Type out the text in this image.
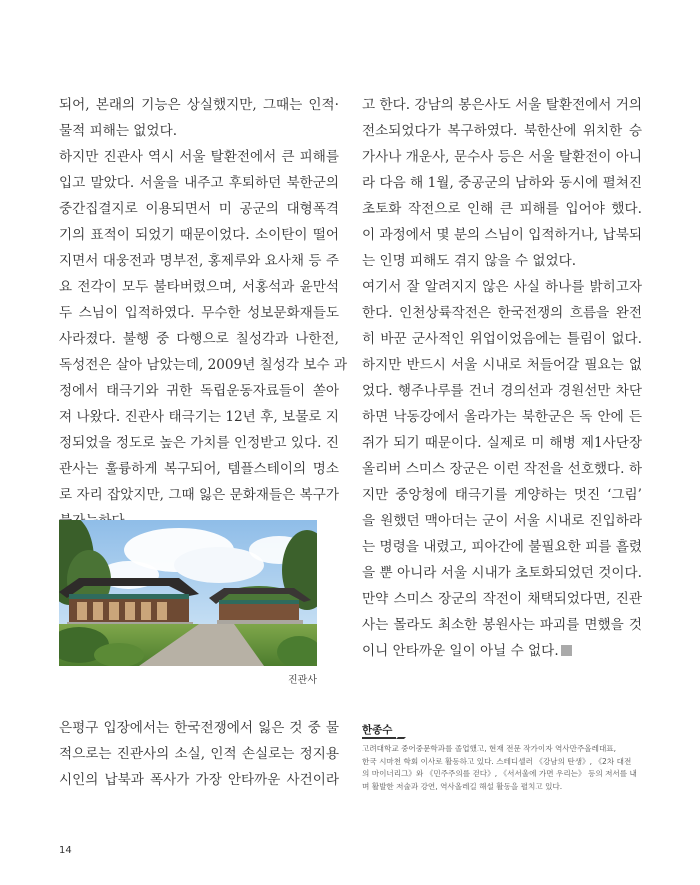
되어, 본래의 기능은 상실했지만, 그때는 인적·

물적 피해는 없었다.

하지만 진관사 역시 서울 탈환전에서 큰 피해를

입고 말았다. 서울을 내주고 후퇴하던 북한군의

중간집결지로 이용되면서 미 공군의 대형폭격

기의 표적이 되었기 때문이었다. 소이탄이 떨어

지면서 대웅전과 명부전, 홍제루와 요사채 등 주

요 전각이 모두 불타버렸으며, 서홍석과 윤만석

두 스님이 입적하였다. 무수한 성보문화재들도

사라졌다. 불행 중 다행으로 칠성각과 나한전,

독성전은 살아 남았는데, 2009년 칠성각 보수 과

정에서 태극기와 귀한 독립운동자료들이 쏟아

져 나왔다. 진관사 태극기는 12년 후, 보물로 지

정되었을 정도로 높은 가치를 인정받고 있다. 진

관사는 훌륭하게 복구되어, 템플스테이의 명소

로 자리 잡았지만, 그때 잃은 문화재들은 복구가

진관사

은평구 입장에서는 한국전쟁에서 잃은 것 중 물

적으로는 진관사의 소실, 인적 손실로는 정지용

시인의 납북과 폭사가 가장 안타까운 사건이라

고 한다. 강남의 봉은사도 서울 탈환전에서 거의

전소되었다가 복구하였다. 북한산에 위치한 승

가사나 개운사, 문수사 등은 서울 탈환전이 아니

라 다음 해 1월, 중공군의 남하와 동시에 펼쳐진

초토화 작전으로 인해 큰 피해를 입어야 했다.

이 과정에서 몇 분의 스님이 입적하거나, 납북되

는 인명 피해도 겪지 않을 수 없었다.

여기서 잘 알려지지 않은 사실 하나를 밝히고자

한다. 인천상륙작전은 한국전쟁의 흐름을 완전

히 바꾼 군사적인 위업이었음에는 틀림이 없다.

하지만 반드시 서울 시내로 처들어갈 필요는 없

었다. 행주나루를 건너 경의선과 경원선만 차단

하면 낙동강에서 올라가는 북한군은 독 안에 든

쥐가 되기 때문이다. 실제로 미 해병 제1사단장

올리버 스미스 장군은 이런 작전을 선호했다. 하

지만 중앙청에 태극기를 게양하는 멋진 ‘그림’

을 원했던 맥아더는 군이 서울 시내로 진입하라

는 명령을 내렸고, 피아간에 불필요한 피를 흘렸

을 뿐 아니라 서울 시내가 초토화되었던 것이다.

만약 스미스 장군의 작전이 채택되었다면, 진관

사는 몰라도 최소한 봉원사는 파괴를 면했을 것

이니 안타까운 일이 아닐 수 없다.

한종수
고려대학교 중어중문학과를 졸업했고, 현재 전문 작가이자 역사만주올레대표,
한국 시마천 학회 이사로 활동하고 있다. 스테디셀러 《강남의 탄생》, 《2차 대전
의 마이너리그》와 《민주주의를 걷다》, 《서서울에 가면 우리는》 등의 저서를 내
며 활발한 저술과 강연, 역사올레길 해설 활동을 펼치고 있다.
14
